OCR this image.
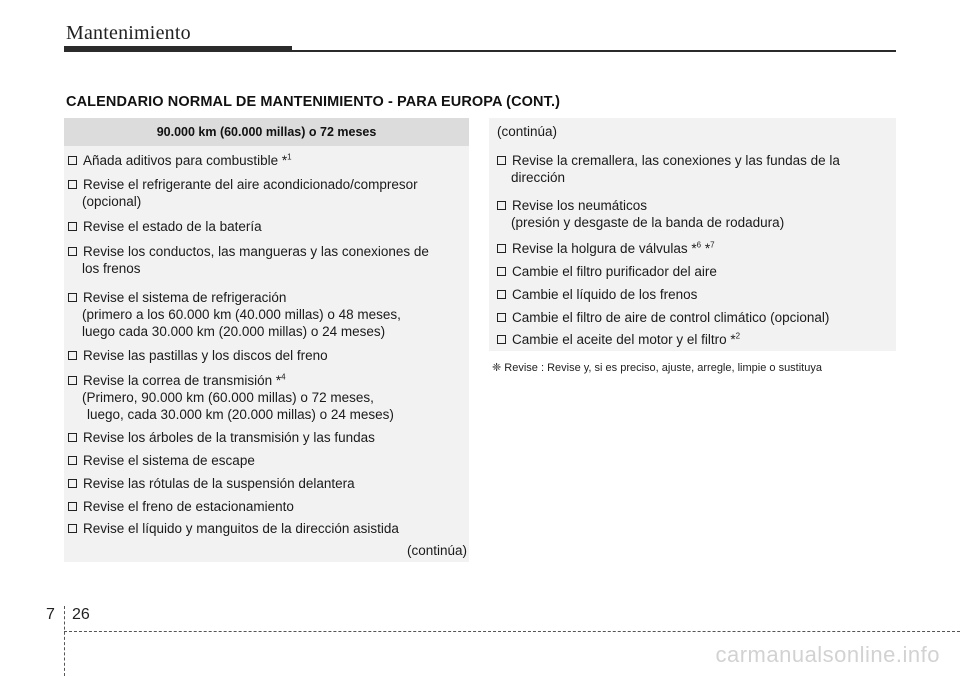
Mantenimiento
CALENDARIO NORMAL DE MANTENIMIENTO - PARA EUROPA (CONT.)
90.000 km (60.000 millas) o 72 meses
Añada aditivos para combustible *$^1$
Revise el refrigerante del aire acondicionado/compresor
(opcional)
Revise el estado de la batería
Revise los conductos, las mangueras y las conexiones de
los frenos
Revise el sistema de refrigeración
(primero a los 60.000 km (40.000 millas) o 48 meses,
luego cada 30.000 km (20.000 millas) o 24 meses)
Revise las pastillas y los discos del freno
Revise la correa de transmisión *$^4$
(Primero, 90.000 km (60.000 millas) o 72 meses,
luego, cada 30.000 km (20.000 millas) o 24 meses)
Revise los árboles de la transmisión y las fundas
Revise el sistema de escape
Revise las rótulas de la suspensión delantera
Revise el freno de estacionamiento
Revise el líquido y manguitos de la dirección asistida
(continúa)
(continúa)
Revise la cremallera, las conexiones y las fundas de la
dirección
Revise los neumáticos
(presión y desgaste de la banda de rodadura)
Revise la holgura de válvulas *$^6$ *$^7$
Cambie el filtro purificador del aire
Cambie el líquido de los frenos
Cambie el filtro de aire de control climático (opcional)
Cambie el aceite del motor y el filtro *$^2$
❈ Revise : Revise y, si es preciso, ajuste, arregle, limpie o sustituya
7 26
carmanualsonline.info
